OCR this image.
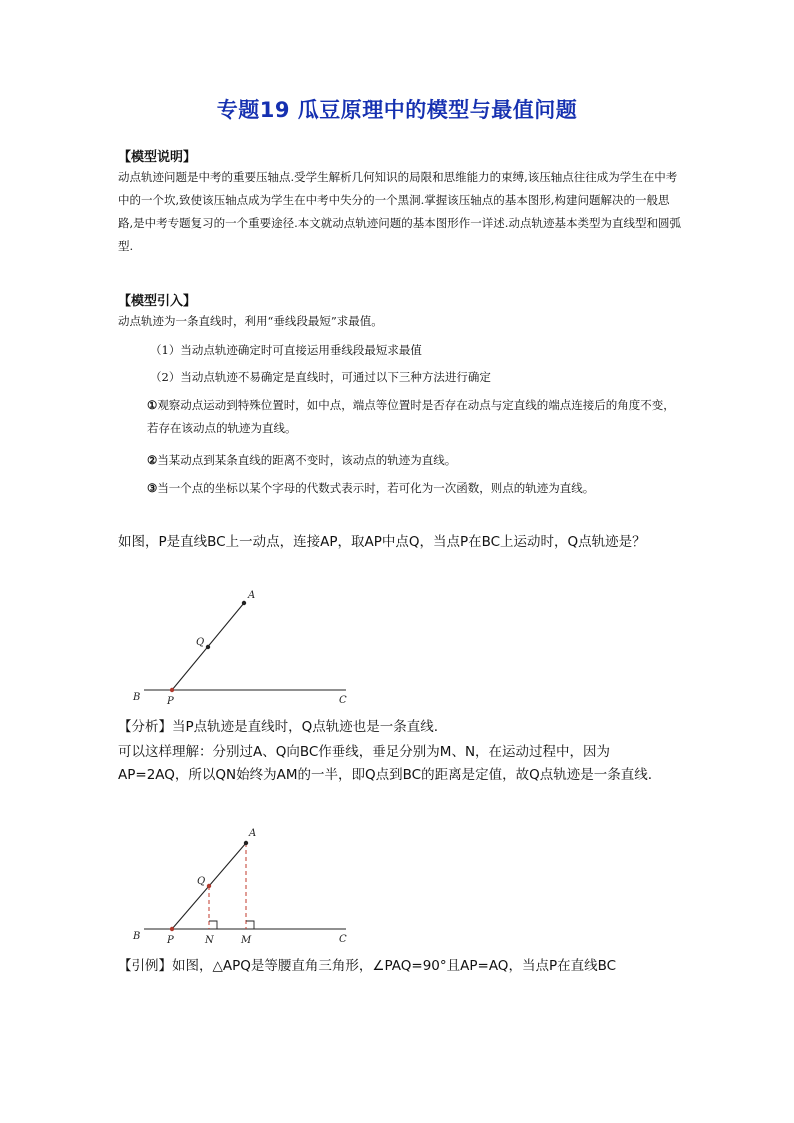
专题19 瓜豆原理中的模型与最值问题
【模型说明】
动点轨迹问题是中考的重要压轴点.受学生解析几何知识的局限和思维能力的束缚,该压轴点往往成为学生在中考中的一个坎,致使该压轴点成为学生在中考中失分的一个黑洞.掌握该压轴点的基本图形,构建问题解决的一般思路,是中考专题复习的一个重要途径.本文就动点轨迹问题的基本图形作一详述.动点轨迹基本类型为直线型和圆弧型.
【模型引入】
动点轨迹为一条直线时，利用“垂线段最短”求最值。
（1）当动点轨迹确定时可直接运用垂线段最短求最值
（2）当动点轨迹不易确定是直线时，可通过以下三种方法进行确定
①观察动点运动到特殊位置时，如中点，端点等位置时是否存在动点与定直线的端点连接后的角度不变，若存在该动点的轨迹为直线。
②当某动点到某条直线的距离不变时，该动点的轨迹为直线。
③当一个点的坐标以某个字母的代数式表示时，若可化为一次函数，则点的轨迹为直线。
如图，P是直线BC上一动点，连接AP，取AP中点Q，当点P在BC上运动时，Q点轨迹是？
A
Q
B	P	C
【分析】当P点轨迹是直线时，Q点轨迹也是一条直线.
可以这样理解：分别过A、Q向BC作垂线，垂足分别为M、N，在运动过程中，因为AP=2AQ，所以QN始终为AM的一半，即Q点到BC的距离是定值，故Q点轨迹是一条直线.
A
Q
B	P	N	M	C
【引例】如图，△APQ是等腰直角三角形，∠PAQ=90°且AP=AQ，当点P在直线BC
